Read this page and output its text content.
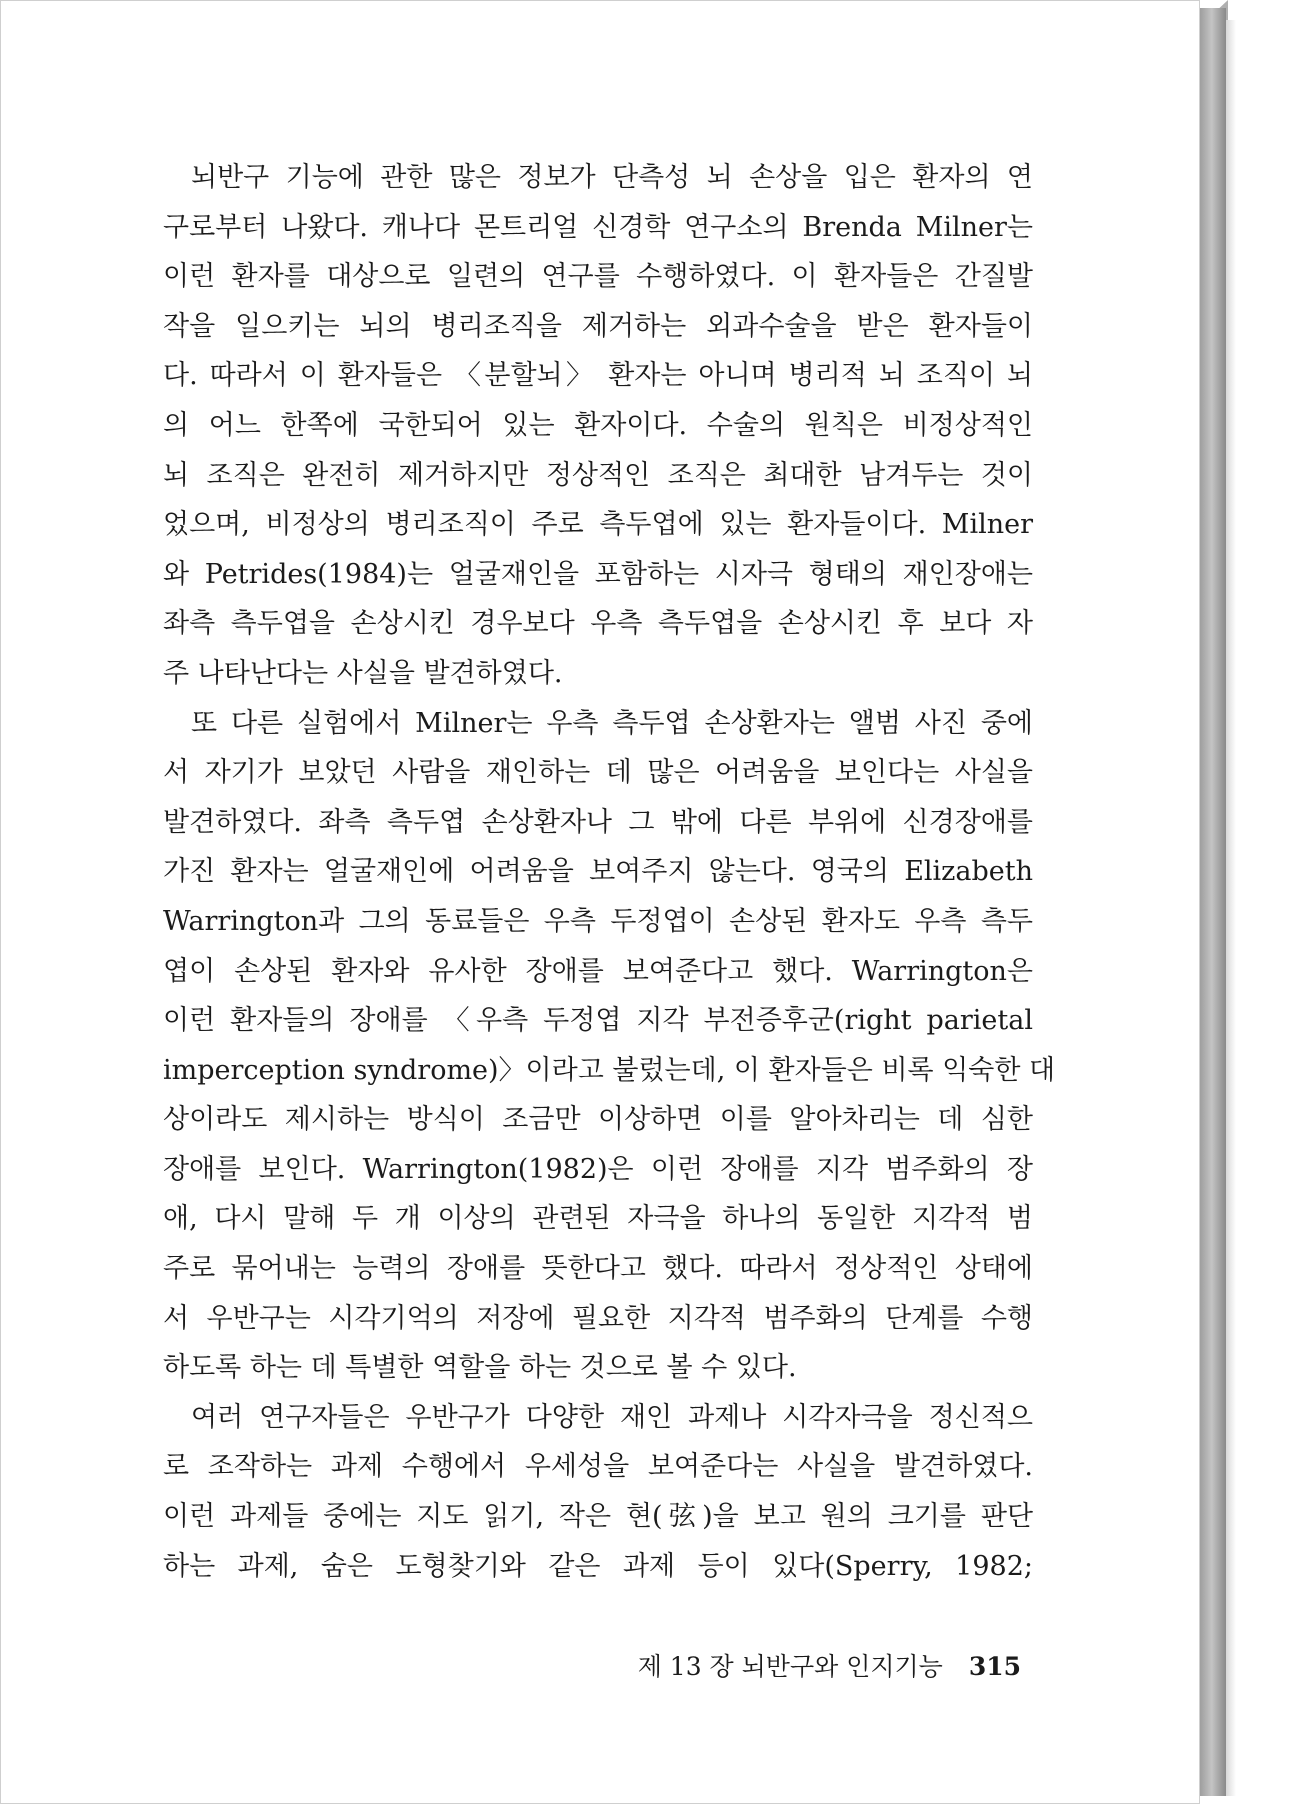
뇌반구 기능에 관한 많은 정보가 단측성 뇌 손상을 입은 환자의 연
구로부터 나왔다. 캐나다 몬트리얼 신경학 연구소의 Brenda Milner는
이런 환자를 대상으로 일련의 연구를 수행하였다. 이 환자들은 간질발
작을 일으키는 뇌의 병리조직을 제거하는 외과수술을 받은 환자들이
다. 따라서 이 환자들은 〈분할뇌〉 환자는 아니며 병리적 뇌 조직이 뇌
의 어느 한쪽에 국한되어 있는 환자이다. 수술의 원칙은 비정상적인
뇌 조직은 완전히 제거하지만 정상적인 조직은 최대한 남겨두는 것이
었으며, 비정상의 병리조직이 주로 측두엽에 있는 환자들이다. Milner
와 Petrides(1984)는 얼굴재인을 포함하는 시자극 형태의 재인장애는
좌측 측두엽을 손상시킨 경우보다 우측 측두엽을 손상시킨 후 보다 자
주 나타난다는 사실을 발견하였다.
또 다른 실험에서 Milner는 우측 측두엽 손상환자는 앨범 사진 중에
서 자기가 보았던 사람을 재인하는 데 많은 어려움을 보인다는 사실을
발견하였다. 좌측 측두엽 손상환자나 그 밖에 다른 부위에 신경장애를
가진 환자는 얼굴재인에 어려움을 보여주지 않는다. 영국의 Elizabeth
Warrington과 그의 동료들은 우측 두정엽이 손상된 환자도 우측 측두
엽이 손상된 환자와 유사한 장애를 보여준다고 했다. Warrington은
이런 환자들의 장애를 〈우측 두정엽 지각 부전증후군(right parietal
imperception syndrome)〉이라고 불렀는데, 이 환자들은 비록 익숙한 대
상이라도 제시하는 방식이 조금만 이상하면 이를 알아차리는 데 심한
장애를 보인다. Warrington(1982)은 이런 장애를 지각 범주화의 장
애, 다시 말해 두 개 이상의 관련된 자극을 하나의 동일한 지각적 범
주로 묶어내는 능력의 장애를 뜻한다고 했다. 따라서 정상적인 상태에
서 우반구는 시각기억의 저장에 필요한 지각적 범주화의 단계를 수행
하도록 하는 데 특별한 역할을 하는 것으로 볼 수 있다.
여러 연구자들은 우반구가 다양한 재인 과제나 시각자극을 정신적으
로 조작하는 과제 수행에서 우세성을 보여준다는 사실을 발견하였다.
이런 과제들 중에는 지도 읽기, 작은 현(弦)을 보고 원의 크기를 판단
하는 과제, 숨은 도형찾기와 같은 과제 등이 있다(Sperry, 1982;
제 13 장 뇌반구와 인지기능 315
